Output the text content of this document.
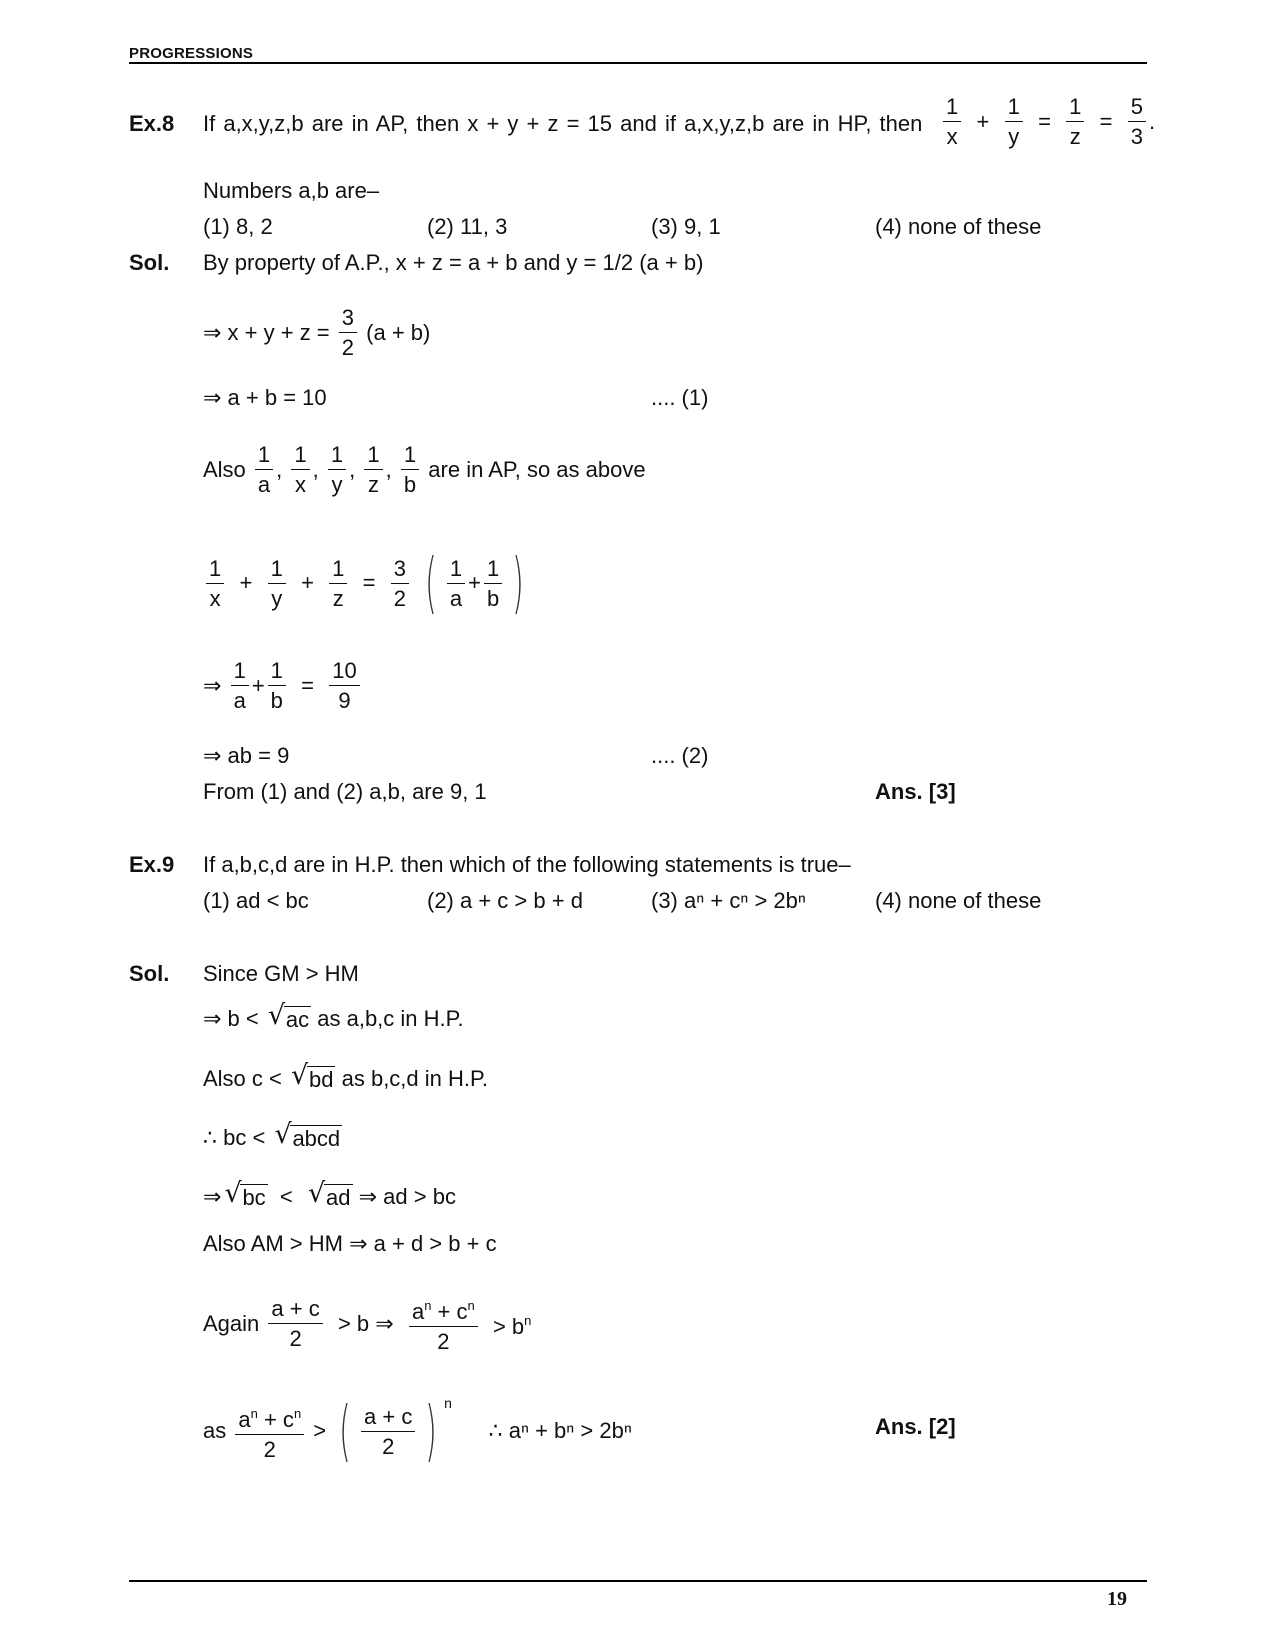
PROGRESSIONS
Ex.8 If a,x,y,z,b are in AP, then x + y + z = 15 and if a,x,y,z,b are in HP, then $\frac{1}{x} + \frac{1}{y} = \frac{1}{z} = \frac{5}{3}$ .
Numbers a,b are–
(1) 8, 2	(2) 11, 3	(3) 9, 1	(4) none of these
Sol. By property of A.P., x + z = a + b and y = 1/2 (a + b)
⇒ $x + y + z = \frac{3}{2} (a + b)$
⇒ a + b = 10	.... (1)
Also $\frac{1}{a}$ , $\frac{1}{x}$ , $\frac{1}{y}$ , $\frac{1}{z}$ , $\frac{1}{b}$ are in AP, so as above
$\frac{1}{x} + \frac{1}{y} + \frac{1}{z} = \frac{3}{2}$ ( $\frac{1}{a} + \frac{1}{b}$ )
⇒ $\frac{1}{a} + \frac{1}{b} = \frac{10}{9}$
⇒ ab = 9	.... (2)
From (1) and (2) a,b, are 9, 1	Ans. [3]
Ex.9 If a,b,c,d are in H.P. then which of the following statements is true–
(1) ad < bc	(2) a + c > b + d	(3) aⁿ + cⁿ > 2bⁿ	(4) none of these
Sol. Since GM > HM
⇒ b < √ ac as a,b,c in H.P.
Also c < √ bd as b,c,d in H.P.
∴ bc < √ abcd
⇒ √ bc  <  √ ad ⇒ ad > bc
Also AM > HM ⇒ a + d > b + c
Again $\frac{a + c}{2} > b$ ⇒ $\frac{a^n + c^n}{2} > b^n$
as $\frac{a^n + c^n}{2}$ > ( $\frac{a + c}{2}$ ) n      ∴ aⁿ + bⁿ > 2bⁿ	Ans. [2]
19
